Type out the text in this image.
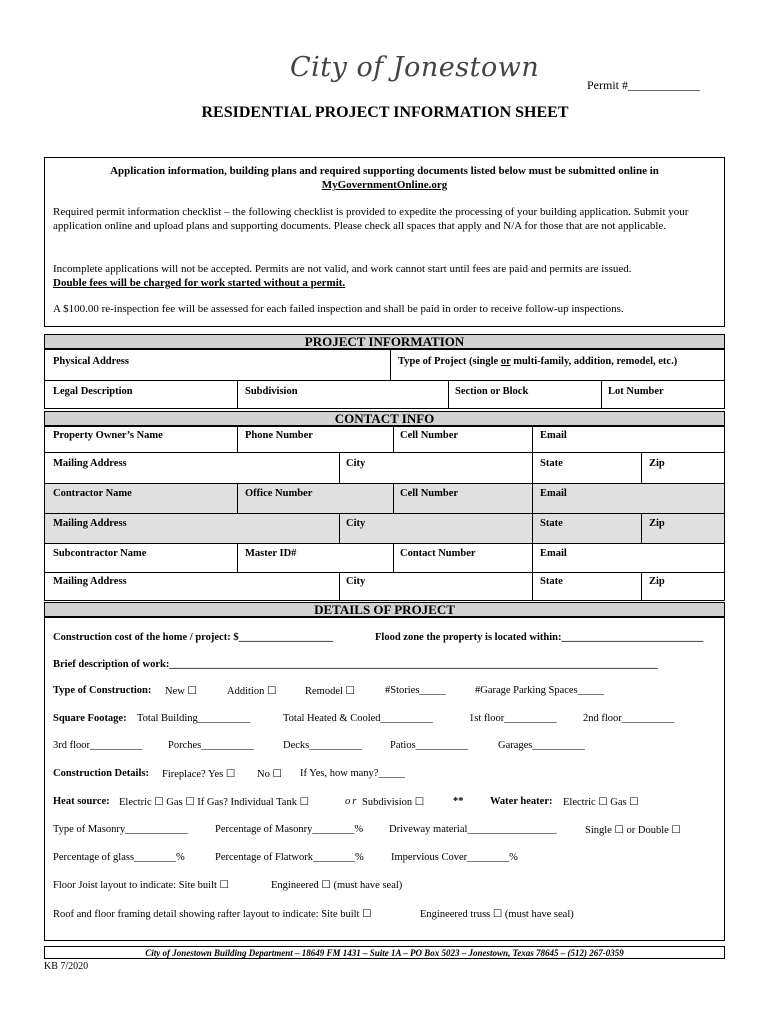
City of Jonestown
Permit #____________
RESIDENTIAL PROJECT INFORMATION SHEET

Application information, building plans and required supporting documents listed below must be submitted online in
MyGovernmentOnline.org

Required permit information checklist – the following checklist is provided to expedite the processing of your building application. Submit your application online and upload plans and supporting documents. Please check all spaces that apply and N/A for those that are not applicable.

Incomplete applications will not be accepted. Permits are not valid, and work cannot start until fees are paid and permits are issued.
Double fees will be charged for work started without a permit.

A $100.00 re-inspection fee will be assessed for each failed inspection and shall be paid in order to receive follow-up inspections.

PROJECT INFORMATION
Physical Address	Type of Project (single or multi-family, addition, remodel, etc.)
Legal Description	Subdivision	Section or Block	Lot Number
CONTACT INFO
Property Owner’s Name	Phone Number	Cell Number	Email
Mailing Address	City	State	Zip
Contractor Name	Office Number	Cell Number	Email
Mailing Address	City	State	Zip
Subcontractor Name	Master ID#	Contact Number	Email
Mailing Address	City	State	Zip
DETAILS OF PROJECT
Construction cost of the home / project: $__________________	Flood zone the property is located within:___________________________
Brief description of work:_____________________________________________________________________________________________
Type of Construction: New ☐	Addition ☐	Remodel ☐	#Stories_____	#Garage Parking Spaces_____
Square Footage: Total Building__________	Total Heated & Cooled__________	1st floor__________ 2nd floor__________
3rd floor__________ Porches__________	Decks__________	Patios__________	Garages__________
Construction Details: Fireplace? Yes ☐ No ☐ If Yes, how many?_____
Heat source: Electric ☐ Gas ☐ If Gas? Individual Tank ☐	or Subdivision ☐	**	Water heater: Electric ☐ Gas ☐
Type of Masonry____________	Percentage of Masonry________% Driveway material_________________	Single ☐ or Double ☐
Percentage of glass________%	Percentage of Flatwork________%	Impervious Cover________%
Floor Joist layout to indicate: Site built ☐	Engineered ☐ (must have seal)
Roof and floor framing detail showing rafter layout to indicate: Site built ☐	Engineered truss ☐ (must have seal)
City of Jonestown Building Department – 18649 FM 1431 – Suite 1A – PO Box 5023 – Jonestown, Texas 78645 – (512) 267-0359
KB 7/2020
